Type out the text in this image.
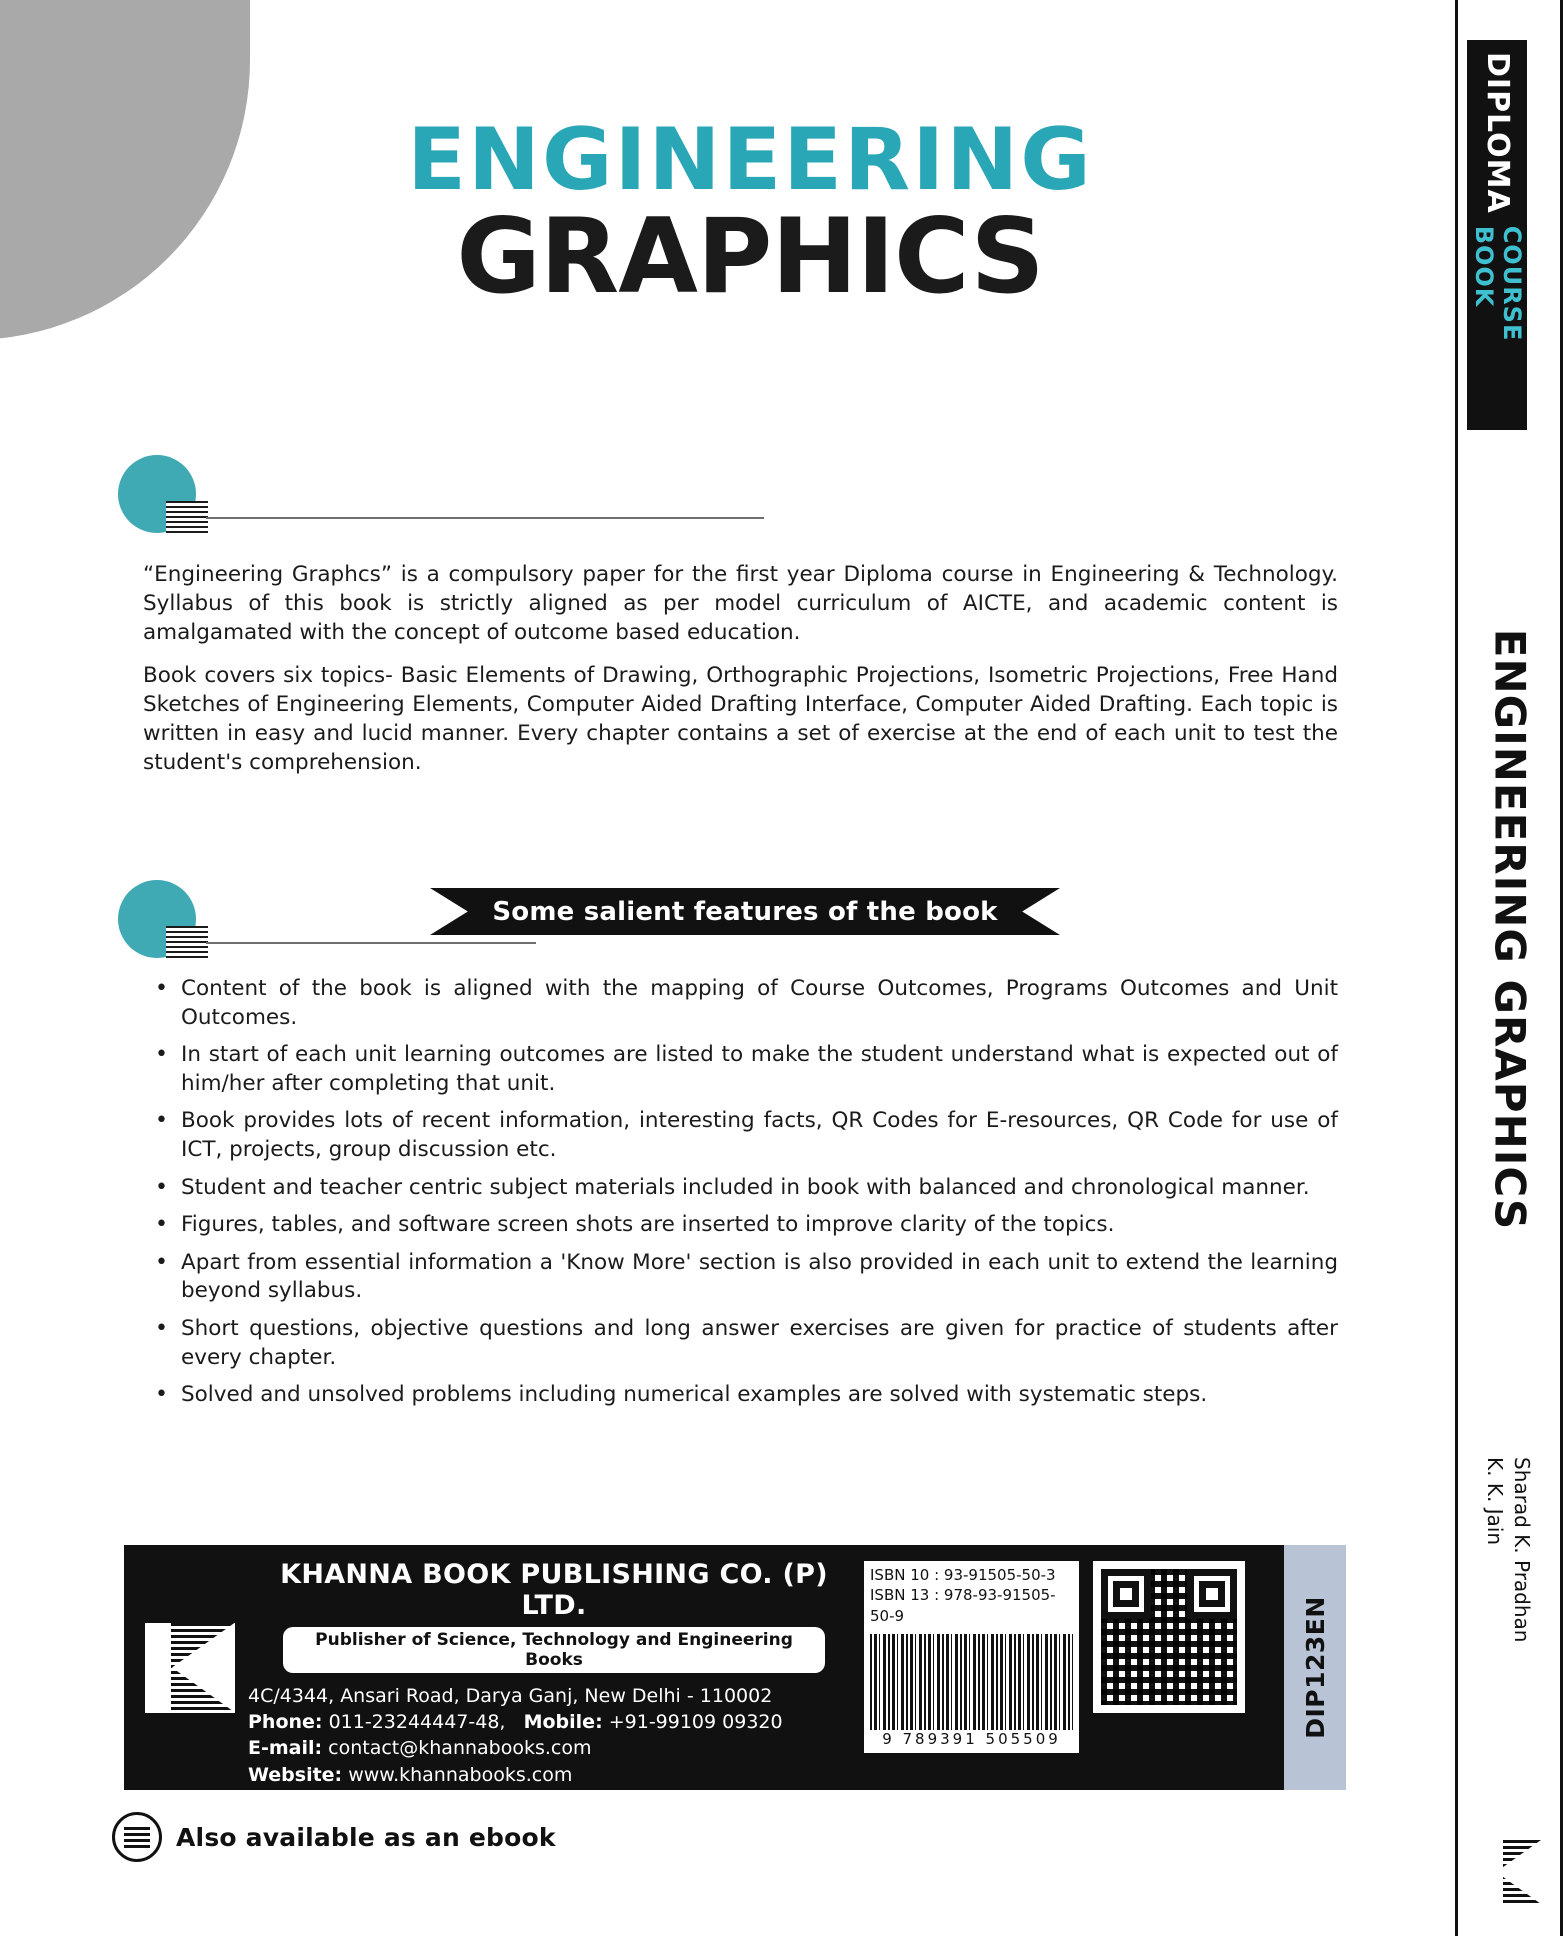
ENGINEERING
GRAPHICS

“Engineering Graphcs” is a compulsory paper for the first year Diploma course in Engineering & Technology. Syllabus of this book is strictly aligned as per model curriculum of AICTE, and academic content is amalgamated with the concept of outcome based education.

Book covers six topics- Basic Elements of Drawing, Orthographic Projections, Isometric Projections, Free Hand Sketches of Engineering Elements, Computer Aided Drafting Interface, Computer Aided Drafting. Each topic is written in easy and lucid manner. Every chapter contains a set of exercise at the end of each unit to test the student's comprehension.

Some salient features of the book
• Content of the book is aligned with the mapping of Course Outcomes, Programs Outcomes and Unit Outcomes.
• In start of each unit learning outcomes are listed to make the student understand what is expected out of him/her after completing that unit.
• Book provides lots of recent information, interesting facts, QR Codes for E-resources, QR Code for use of ICT, projects, group discussion etc.
• Student and teacher centric subject materials included in book with balanced and chronological manner.
• Figures, tables, and software screen shots are inserted to improve clarity of the topics.
• Apart from essential information a 'Know More' section is also provided in each unit to extend the learning beyond syllabus.
• Short questions, objective questions and long answer exercises are given for practice of students after every chapter.
• Solved and unsolved problems including numerical examples are solved with systematic steps.
KHANNA BOOK PUBLISHING CO. (P) LTD.
Publisher of Science, Technology and Engineering Books
4C/4344, Ansari Road, Darya Ganj, New Delhi - 110002
Phone: 011-23244447-48, Mobile: +91-99109 09320
E-mail: contact@khannabooks.com
Website: www.khannabooks.com
ISBN 10 : 93-91505-50-3
ISBN 13 : 978-93-91505-50-9
9 789391 505509	DIP123EN
Also available as an ebook
DIPLOMA
COURSE BOOK
ENGINEERING GRAPHICS
Sharad K. Pradhan
K. K. Jain
